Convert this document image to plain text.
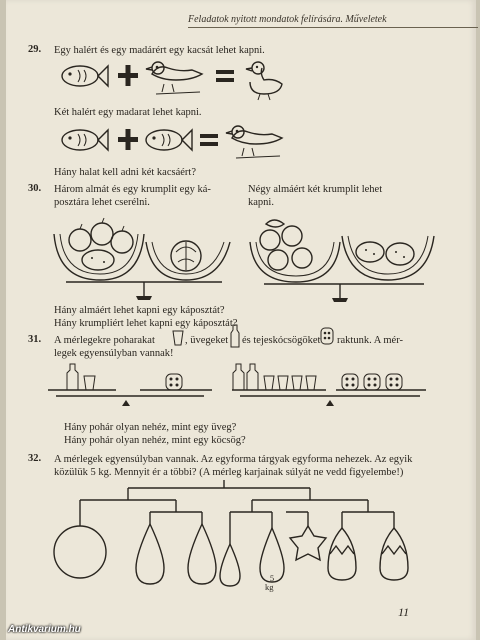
Feladatok nyitott mondatok felírására. Műveletek
29. Egy halért és egy madárért egy kacsát lehet kapni.
Két halért egy madarat lehet kapni.
Hány halat kell adni két kacsáért?
30. Három almát és egy krumplit egy ká-
posztára lehet cserélni.
Négy almáért két krumplit lehet
kapni.
Hány almáért lehet kapni egy káposztát?
Hány krumpliért lehet kapni egy káposztát?
31. A mérlegekre poharakat	, üvegeket és tejeskócsögöket raktunk. A mér-
legek egyensúlyban vannak!
Hány pohár olyan nehéz, mint egy üveg?
Hány pohár olyan nehéz, mint egy köcsög?
32. A mérlegek egyensúlyban vannak. Az egyforma tárgyak egyforma nehezek. Az egyik
közülük 5 kg. Mennyit ér a többi? (A mérleg karjainak súlyát ne vedd figyelembe!)
5
kg
11
Antikvarium.hu
